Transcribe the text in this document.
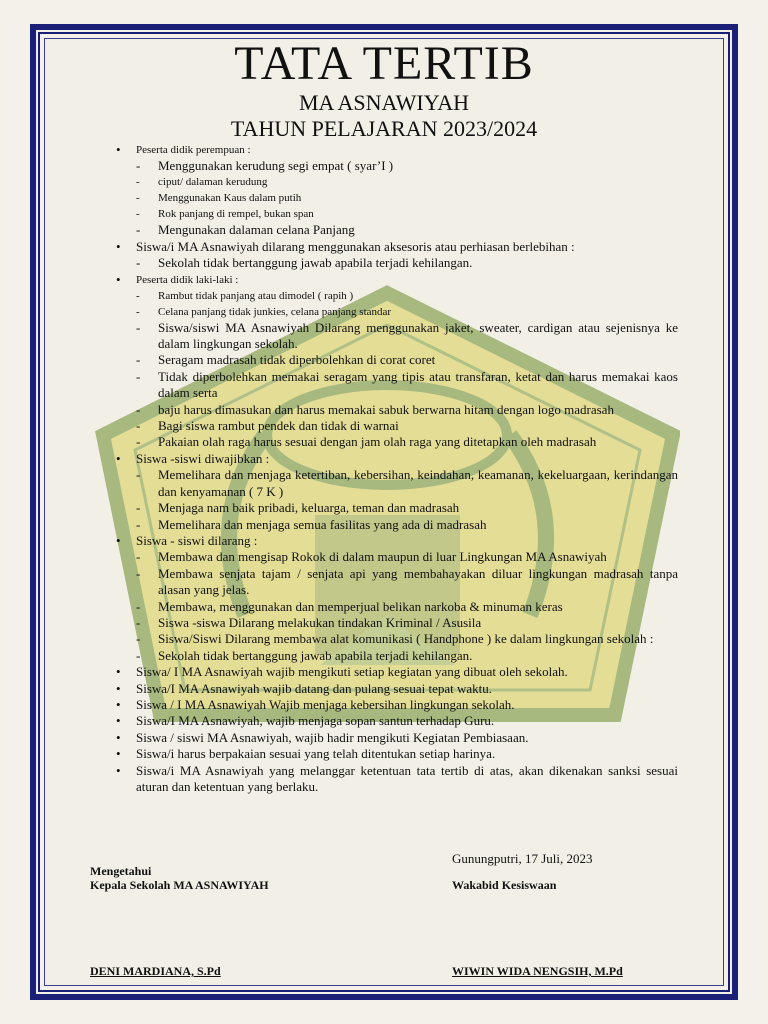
TATA TERTIB
MA ASNAWIYAH
TAHUN PELAJARAN 2023/2024
• Peserta didik perempuan :
- Menggunakan kerudung segi empat ( syar’I )
- ciput/ dalaman kerudung
- Menggunakan Kaus dalam putih
- Rok panjang di rempel, bukan span
- Mengunakan dalaman celana Panjang
• Siswa/i MA Asnawiyah dilarang menggunakan aksesoris atau perhiasan berlebihan :
- Sekolah tidak bertanggung jawab apabila terjadi kehilangan.
• Peserta didik laki-laki :
- Rambut tidak panjang atau dimodel ( rapih )
- Celana panjang tidak junkies, celana panjang standar
- Siswa/siswi MA Asnawiyah Dilarang menggunakan jaket, sweater, cardigan atau sejenisnya ke dalam lingkungan sekolah.
- Seragam madrasah tidak diperbolehkan di corat coret
- Tidak diperbolehkan memakai seragam yang tipis atau transfaran, ketat dan harus memakai kaos dalam serta
- baju harus dimasukan dan harus memakai sabuk berwarna hitam dengan logo madrasah
- Bagi siswa rambut pendek dan tidak di warnai
- Pakaian olah raga harus sesuai dengan jam olah raga yang ditetapkan oleh madrasah
• Siswa -siswi diwajibkan :
- Memelihara dan menjaga ketertiban, kebersihan, keindahan, keamanan, kekeluargaan, kerindangan dan kenyamanan ( 7 K )
- Menjaga nam baik pribadi, keluarga, teman dan madrasah
- Memelihara dan menjaga semua fasilitas yang ada di madrasah
• Siswa - siswi dilarang :
- Membawa dan mengisap Rokok di dalam maupun di luar Lingkungan MA Asnawiyah
- Membawa senjata tajam / senjata api yang membahayakan diluar lingkungan madrasah tanpa alasan yang jelas.
- Membawa, menggunakan dan memperjual belikan narkoba & minuman keras
- Siswa -siswa Dilarang melakukan tindakan Kriminal / Asusila
- Siswa/Siswi Dilarang membawa alat komunikasi ( Handphone ) ke dalam lingkungan sekolah :
- Sekolah tidak bertanggung jawab apabila terjadi kehilangan.
• Siswa/ I MA Asnawiyah wajib mengikuti setiap kegiatan yang dibuat oleh sekolah.
• Siswa/I MA Asnawiyah wajib datang dan pulang sesuai tepat waktu.
• Siswa / I MA Asnawiyah Wajib menjaga kebersihan lingkungan sekolah.
• Siswa/I MA Asnawiyah, wajib menjaga sopan santun terhadap Guru.
• Siswa / siswi MA Asnawiyah, wajib hadir mengikuti Kegiatan Pembiasaan.
• Siswa/i harus berpakaian sesuai yang telah ditentukan setiap harinya.
• Siswa/i MA Asnawiyah yang melanggar ketentuan tata tertib di atas, akan dikenakan sanksi sesuai aturan dan ketentuan yang berlaku.
Gunungputri, 17 Juli, 2023
Mengetahui
Kepala Sekolah MA ASNAWIYAH	Wakabid Kesiswaan
DENI MARDIANA, S.Pd	WIWIN WIDA NENGSIH, M.Pd
